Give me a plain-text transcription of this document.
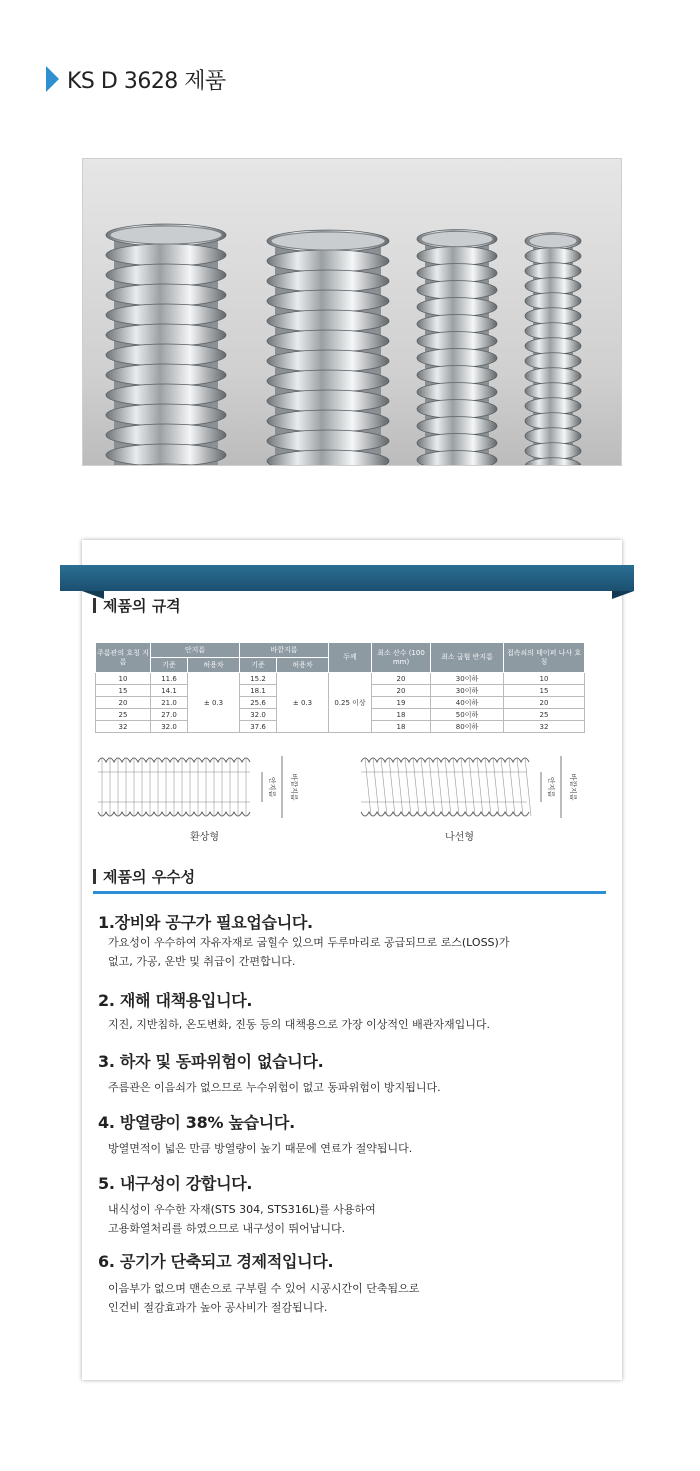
KS D 3628 제품
제품의 규격
주름관의 호칭 지름	안지름		바깥지름		두께	최소 산수 (100 mm)	최소 굽힘 반지름	접속쇠의 테이퍼 나사 호칭
	기준	허용차	기준	허용차				
10	11.6	± 0.3	15.2	± 0.3	0.25 이상	20	30이하	10
15	14.1		18.1			20	30이하	15
20	21.0		25.6			19	40이하	20
25	27.0		32.0			18	50이하	25
32	32.0		37.6			18	80이하	32
안지름 바깥지름
환상형
안지름 바깥지름
나선형
제품의 우수성
1.장비와 공구가 필요업습니다.
가요성이 우수하여 자유자재로 굽힐수 있으며 두루마리로 공급되므로 로스(LOSS)가
없고, 가공, 운반 및 취급이 간편합니다.
2. 재해 대책용입니다.
지진, 지반침하, 온도변화, 진동 등의 대책용으로 가장 이상적인 배관자재입니다.
3. 하자 및 동파위험이 없습니다.
주름관은 이음쇠가 없으므로 누수위험이 없고 동파위험이 방지됩니다.
4. 방열량이 38% 높습니다.
방열면적이 넓은 만큼 방열량이 높기 때문에 연료가 절약됩니다.
5. 내구성이 강합니다.
내식성이 우수한 자재(STS 304, STS316L)를 사용하여
고용화열처리를 하였으므로 내구성이 뛰어납니다.
6. 공기가 단축되고 경제적입니다.
이음부가 없으며 맨손으로 구부릴 수 있어 시공시간이 단축됨으로
인건비 절감효과가 높아 공사비가 절감됩니다.
